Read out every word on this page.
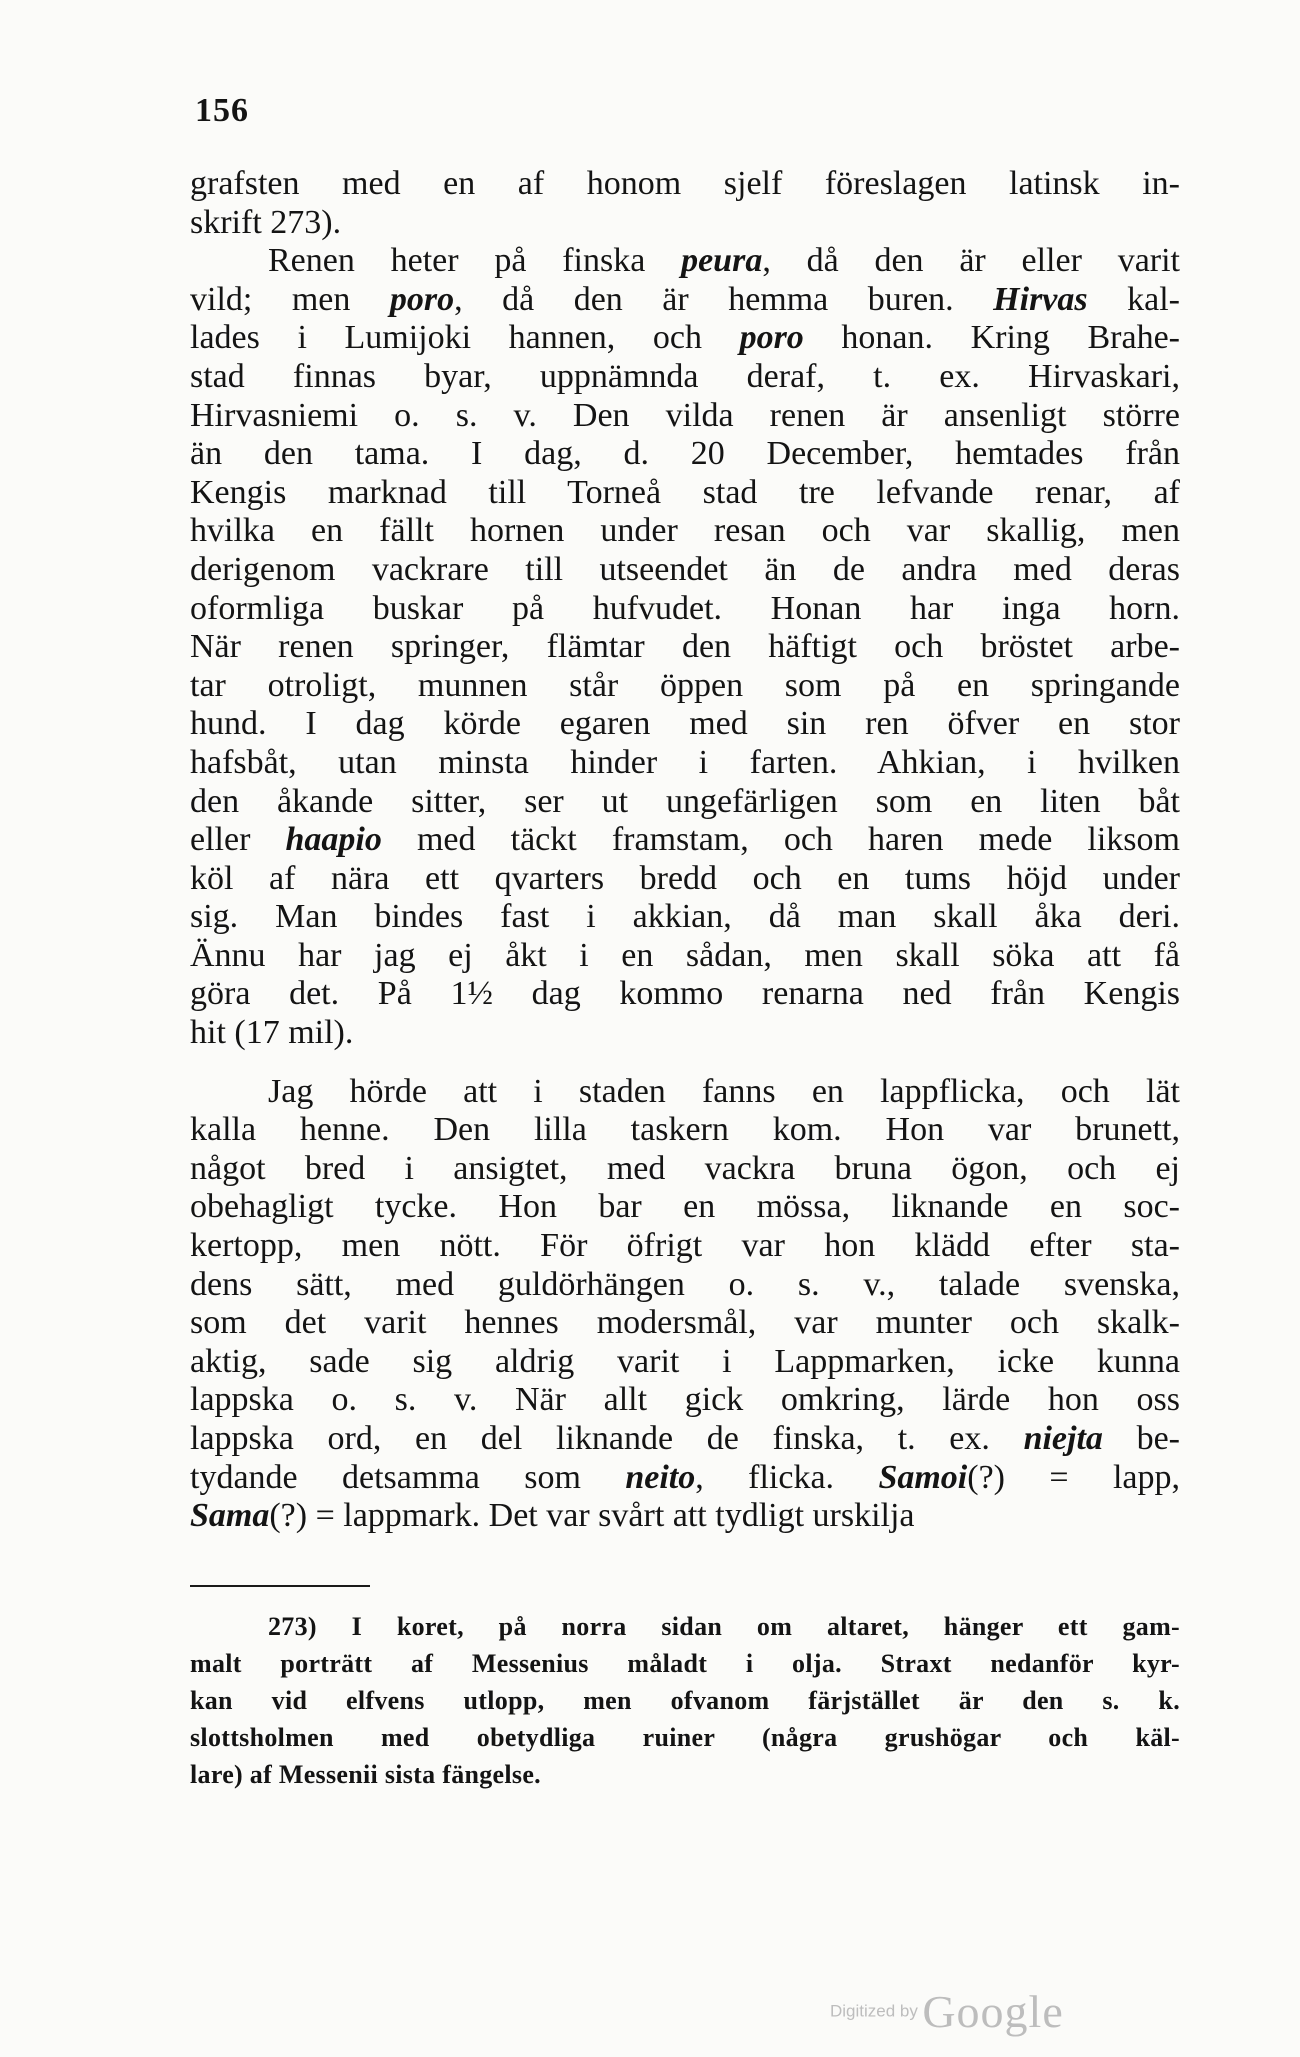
156

grafsten med en af honom sjelf föreslagen latinsk in-
skrift 273).

Renen heter på finska peura, då den är eller varit
vild; men poro, då den är hemma buren. Hirvas kal-
lades i Lumijoki hannen, och poro honan. Kring Brahe-
stad finnas byar, uppnämnda deraf, t. ex. Hirvaskari,
Hirvasniemi o. s. v. Den vilda renen är ansenligt större
än den tama. I dag, d. 20 December, hemtades från
Kengis marknad till Torneå stad tre lefvande renar, af
hvilka en fällt hornen under resan och var skallig, men
derigenom vackrare till utseendet än de andra med deras
oformliga buskar på hufvudet. Honan har inga horn.
När renen springer, flämtar den häftigt och bröstet arbe-
tar otroligt, munnen står öppen som på en springande
hund. I dag körde egaren med sin ren öfver en stor
hafsbåt, utan minsta hinder i farten. Ahkian, i hvilken
den åkande sitter, ser ut ungefärligen som en liten båt
eller haapio med täckt framstam, och haren mede liksom
köl af nära ett qvarters bredd och en tums höjd under
sig. Man bindes fast i akkian, då man skall åka deri.
Ännu har jag ej åkt i en sådan, men skall söka att få
göra det. På 1½ dag kommo renarna ned från Kengis
hit (17 mil).

Jag hörde att i staden fanns en lappflicka, och lät
kalla henne. Den lilla taskern kom. Hon var brunett,
något bred i ansigtet, med vackra bruna ögon, och ej
obehagligt tycke. Hon bar en mössa, liknande en soc-
kertopp, men nött. För öfrigt var hon klädd efter sta-
dens sätt, med guldörhängen o. s. v., talade svenska,
som det varit hennes modersmål, var munter och skalk-
aktig, sade sig aldrig varit i Lappmarken, icke kunna
lappska o. s. v. När allt gick omkring, lärde hon oss
lappska ord, en del liknande de finska, t. ex. niejta be-
tydande detsamma som neito, flicka. Samoi(?) = lapp,
Sama(?) = lappmark. Det var svårt att tydligt urskilja

273) I koret, på norra sidan om altaret, hänger ett gam-
malt porträtt af Messenius måladt i olja. Straxt nedanför kyr-
kan vid elfvens utlopp, men ofvanom färjstället är den s. k.
slottsholmen med obetydliga ruiner (några grushögar och käl-
lare) af Messenii sista fängelse.
Digitized by Google
